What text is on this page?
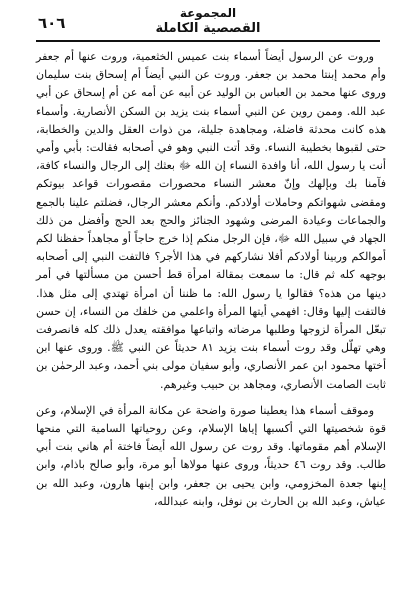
٦٠٦
المجموعة
القصصية الكاملة

وروت عن الرسول أيضاً أسماء بنت عميس الخثعمية، وروت عنها أم جعفر وأم محمد إبنتا محمد بن جعفر. وروت عن النبي أيضاً أم إسحاق بنت سليمان وروى عنها محمد بن العباس بن الوليد عن أبيه عن أمه عن أم إسحاق عن أبي عبد الله. وممن روين عن النبي أسماء بنت يزيد بن السكن الأنصارية. وأسماء هذه كانت محدثة فاضلة، ومجاهدة جليلة، من ذوات العقل والدين والخطابة، حتى لقبوها بخطيبة النساء. وقد أتت النبي وهو في أصحابه فقالت: بأبي وأمي أنت يا رسول الله، أنا وافدة النساء إن الله ﷻ بعثك إلى الرجال والنساء كافة، فآمنا بك وبإلهك وإنّ معشر النساء محصورات مقصورات قواعد بيوتكم ومقضى شهواتكم وحاملات أولادكم. وأنكم معشر الرجال، فضلتم علينا بالجمع والجماعات وعيادة المرضى وشهود الجنائز والحج بعد الحج وأفضل من ذلك الجهاد في سبيل الله ﷻ، فإن الرجل منكم إذا خرج حاجاً أو مجاهداً حفظنا لكم أموالكم وربينا أولادكم أفلا نشاركهم في هذا الأجر؟ فالتفت النبي إلى أصحابه بوجهه كله ثم قال: ما سمعت بمقالة امرأة قط أحسن من مسألتها في أمر دينها من هذه؟ فقالوا يا رسول الله: ما ظننا أن امرأة تهتدي إلى مثل هذا. فالتفت إليها وقال: افهمي أيتها المرأة واعلمي من خلفك من النساء، إن حسن تبعّل المرأة لزوجها وطلبها مرضاته واتباعها موافقته يعدل ذلك كله فانصرفت وهي تهلّل وقد روت أسماء بنت يزيد ٨١ حديثاً عن النبي ﷺ. وروى عنها ابن أختها محمود ابن عمر الأنصاري، وأبو سفيان مولى بني أحمد، وعبد الرحمٰن بن ثابت الصامت الأنصاري، ومجاهد بن حبيب وغيرهم.

وموقف أسماء هذا يعطينا صورة واضحة عن مكانة المرأة في الإسلام، وعن قوة شخصيتها التي أكسبها إياها الإسلام، وعن روحياتها السامية التي منحها الإسلام أهم مقوماتها. وقد روت عن رسول الله أيضاً فاختة أم هاني بنت أبي طالب. وقد روت ٤٦ حديثاً، وروى عنها مولاها أبو مرة، وأبو صالح باذام، وابن إبنها جعدة المخزومي، وابن يحيى بن جعفر، وابن إبنها هارون، وعبد الله بن عياش، وعبد الله بن الحارث بن نوفل، وابنه عبدالله،
